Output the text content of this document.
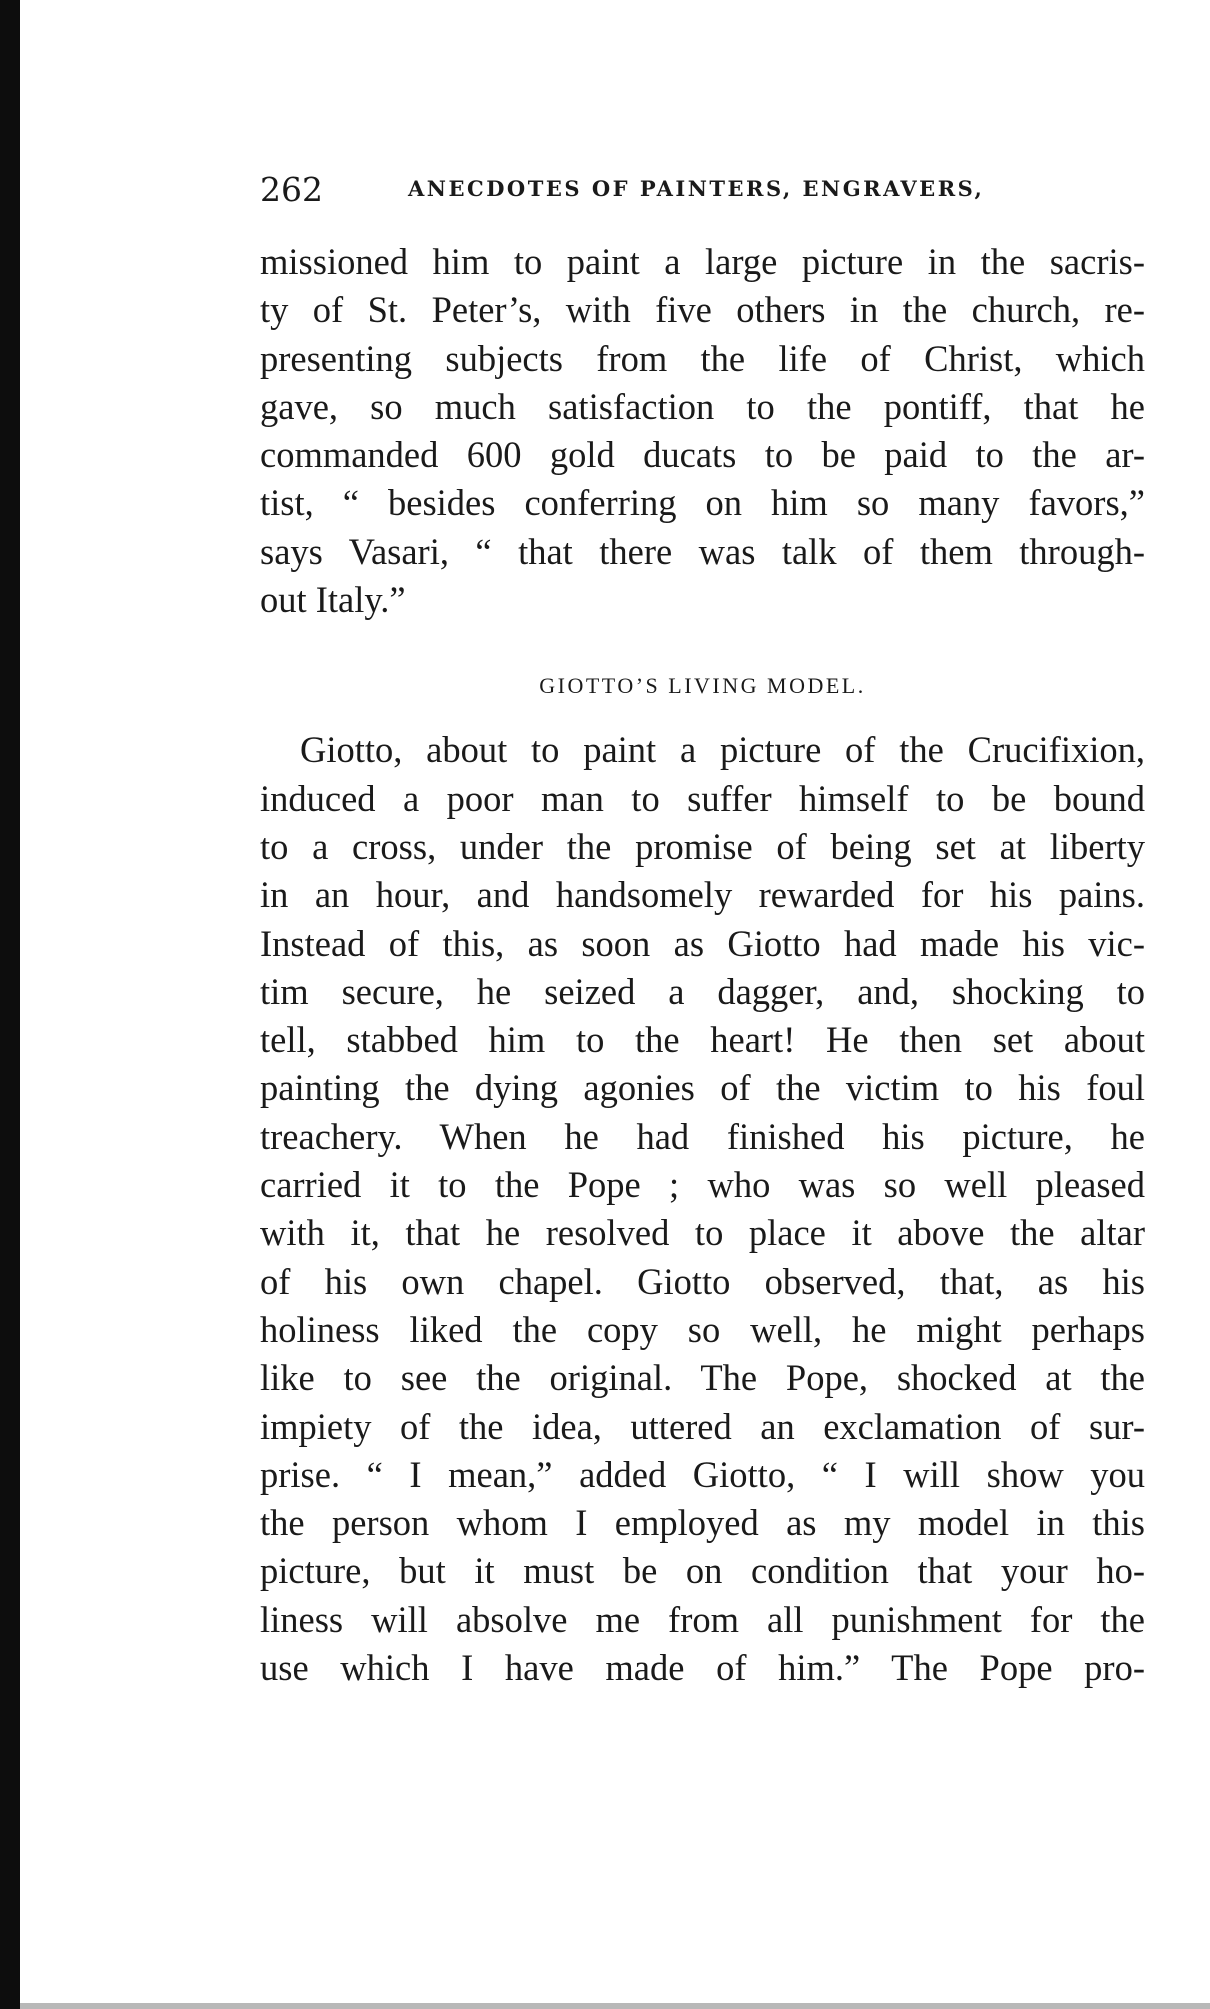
262	ANECDOTES OF PAINTERS, ENGRAVERS,
missioned him to paint a large picture in the sacris-
ty of St. Peter’s, with five others in the church, re-
presenting subjects from the life of Christ, which
gave, so much satisfaction to the pontiff, that he
commanded 600 gold ducats to be paid to the ar-
tist, “ besides conferring on him so many favors,”
says Vasari, “ that there was talk of them through-
out Italy.”
GIOTTO’S LIVING MODEL.
Giotto, about to paint a picture of the Crucifixion,
induced a poor man to suffer himself to be bound
to a cross, under the promise of being set at liberty
in an hour, and handsomely rewarded for his pains.
Instead of this, as soon as Giotto had made his vic-
tim secure, he seized a dagger, and, shocking to
tell, stabbed him to the heart! He then set about
painting the dying agonies of the victim to his foul
treachery. When he had finished his picture, he
carried it to the Pope ; who was so well pleased
with it, that he resolved to place it above the altar
of his own chapel. Giotto observed, that, as his
holiness liked the copy so well, he might perhaps
like to see the original. The Pope, shocked at the
impiety of the idea, uttered an exclamation of sur-
prise. “ I mean,” added Giotto, “ I will show you
the person whom I employed as my model in this
picture, but it must be on condition that your ho-
liness will absolve me from all punishment for the
use which I have made of him.” The Pope pro-
